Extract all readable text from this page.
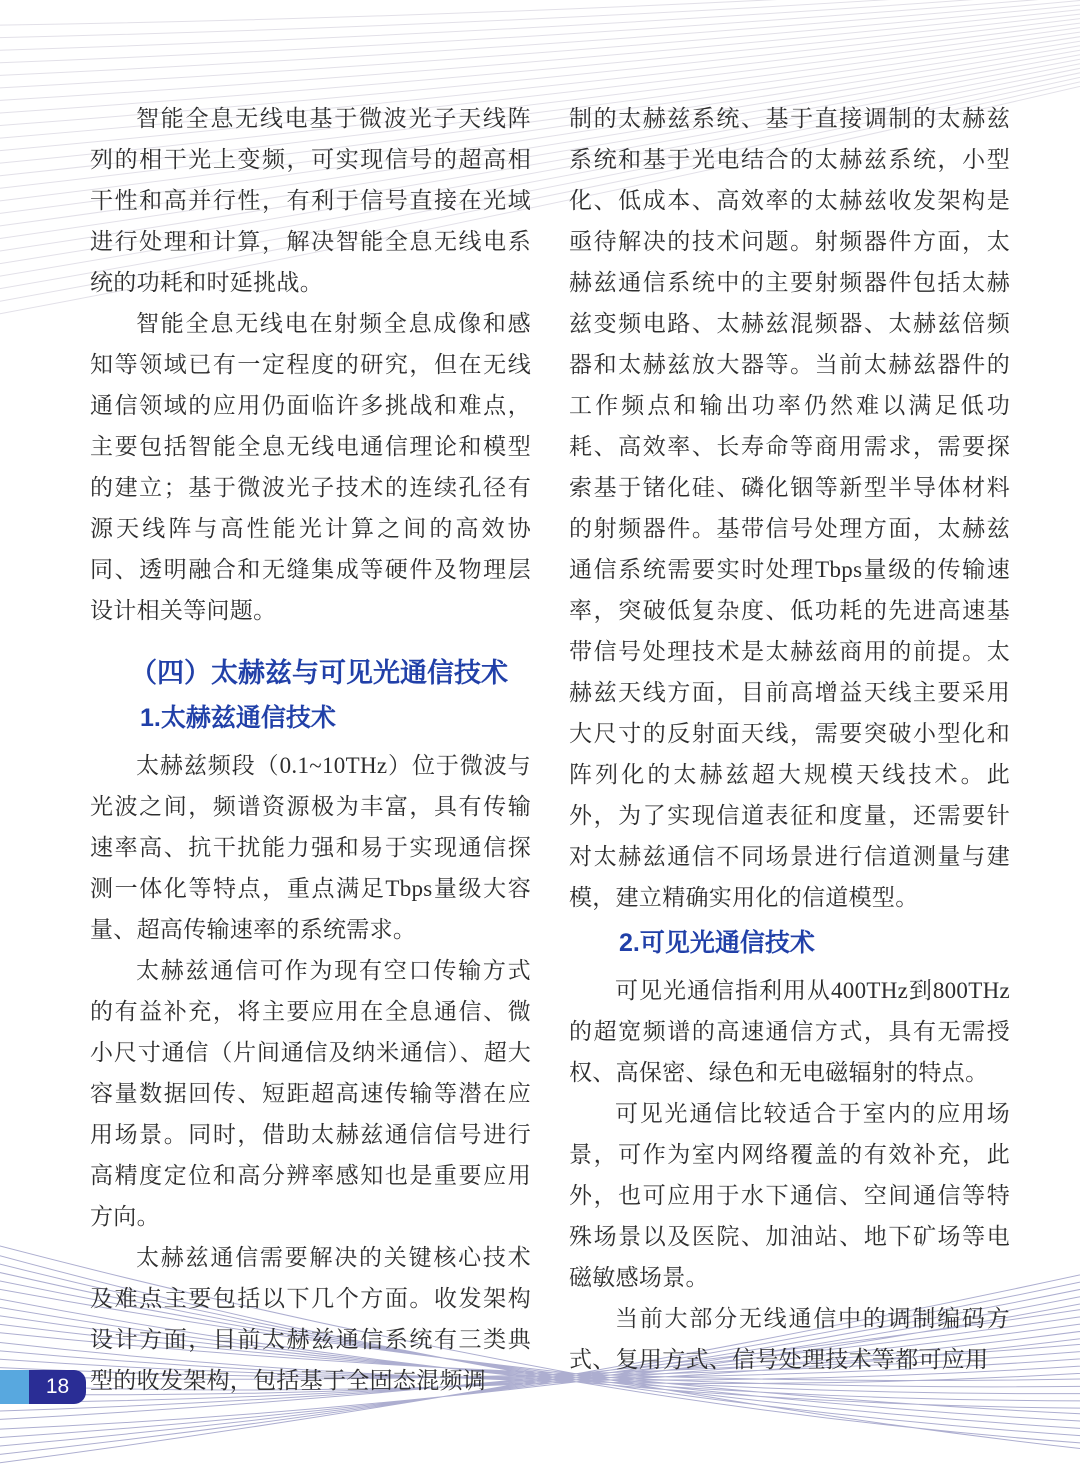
智能全息无线电基于微波光子天线阵列的相干光上变频，可实现信号的超高相干性和高并行性，有利于信号直接在光域进行处理和计算，解决智能全息无线电系统的功耗和时延挑战。

智能全息无线电在射频全息成像和感知等领域已有一定程度的研究，但在无线通信领域的应用仍面临许多挑战和难点，主要包括智能全息无线电通信理论和模型的建立；基于微波光子技术的连续孔径有源天线阵与高性能光计算之间的高效协同、透明融合和无缝集成等硬件及物理层设计相关等问题。

（四）太赫兹与可见光通信技术
1.太赫兹通信技术

太赫兹频段（0.1~10THz）位于微波与光波之间，频谱资源极为丰富，具有传输速率高、抗干扰能力强和易于实现通信探测一体化等特点，重点满足Tbps量级大容量、超高传输速率的系统需求。

太赫兹通信可作为现有空口传输方式的有益补充，将主要应用在全息通信、微小尺寸通信（片间通信及纳米通信）、超大容量数据回传、短距超高速传输等潜在应用场景。同时，借助太赫兹通信信号进行高精度定位和高分辨率感知也是重要应用方向。

太赫兹通信需要解决的关键核心技术及难点主要包括以下几个方面。收发架构设计方面，目前太赫兹通信系统有三类典型的收发架构，包括基于全固态混频调

制的太赫兹系统、基于直接调制的太赫兹系统和基于光电结合的太赫兹系统，小型化、低成本、高效率的太赫兹收发架构是亟待解决的技术问题。射频器件方面，太赫兹通信系统中的主要射频器件包括太赫兹变频电路、太赫兹混频器、太赫兹倍频器和太赫兹放大器等。当前太赫兹器件的工作频点和输出功率仍然难以满足低功耗、高效率、长寿命等商用需求，需要探索基于锗化硅、磷化铟等新型半导体材料的射频器件。基带信号处理方面，太赫兹通信系统需要实时处理Tbps量级的传输速率，突破低复杂度、低功耗的先进高速基带信号处理技术是太赫兹商用的前提。太赫兹天线方面，目前高增益天线主要采用大尺寸的反射面天线，需要突破小型化和阵列化的太赫兹超大规模天线技术。此外，为了实现信道表征和度量，还需要针对太赫兹通信不同场景进行信道测量与建模，建立精确实用化的信道模型。

2.可见光通信技术

可见光通信指利用从400THz到800THz的超宽频谱的高速通信方式，具有无需授权、高保密、绿色和无电磁辐射的特点。

可见光通信比较适合于室内的应用场景，可作为室内网络覆盖的有效补充，此外，也可应用于水下通信、空间通信等特殊场景以及医院、加油站、地下矿场等电磁敏感场景。

当前大部分无线通信中的调制编码方式、复用方式、信号处理技术等都可应用

18
